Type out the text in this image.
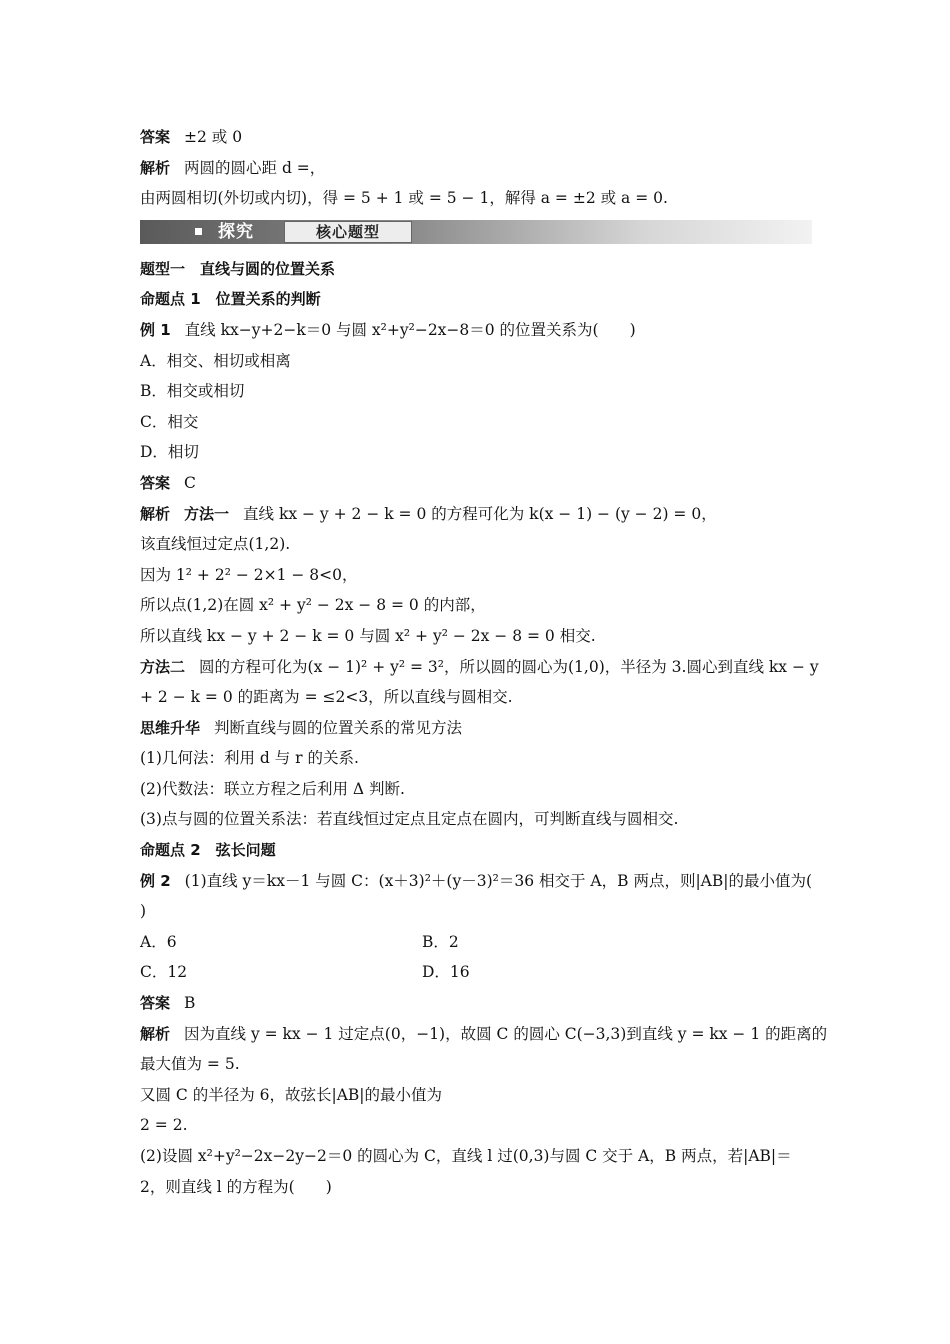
答案 ±2 或 0
解析 两圆的圆心距 d =，
由两圆相切(外切或内切)，得 = 5 + 1 或 = 5 − 1，解得 a = ±2 或 a = 0.
探究	核心题型
题型一　直线与圆的位置关系
命题点 1　位置关系的判断
例 1 直线 kx−y+2−k＝0 与圆 x²+y²−2x−8＝0 的位置关系为(　　)
A．相交、相切或相离
B．相交或相切
C．相交
D．相切
答案 C
解析 方法一 直线 kx − y + 2 − k = 0 的方程可化为 k(x − 1) − (y − 2) = 0，
该直线恒过定点(1,2).
因为 1² + 2² − 2×1 − 8<0，
所以点(1,2)在圆 x² + y² − 2x − 8 = 0 的内部，
所以直线 kx − y + 2 − k = 0 与圆 x² + y² − 2x − 8 = 0 相交.
方法二 圆的方程可化为(x − 1)² + y² = 3²，所以圆的圆心为(1,0)，半径为 3.圆心到直线 kx − y
+ 2 − k = 0 的距离为 = ≤2<3，所以直线与圆相交.
思维升华 判断直线与圆的位置关系的常见方法
(1)几何法：利用 d 与 r 的关系.
(2)代数法：联立方程之后利用 Δ 判断.
(3)点与圆的位置关系法：若直线恒过定点且定点在圆内，可判断直线与圆相交.
命题点 2　弦长问题
例 2 (1)直线 y＝kx－1 与圆 C：(x＋3)²＋(y－3)²＝36 相交于 A，B 两点，则|AB|的最小值为(
)
A．6	B．2
C．12	D．16
答案 B
解析 因为直线 y = kx − 1 过定点(0，−1)，故圆 C 的圆心 C(−3,3)到直线 y = kx − 1 的距离的
最大值为 = 5.
又圆 C 的半径为 6，故弦长|AB|的最小值为
2 = 2.
(2)设圆 x²+y²−2x−2y−2＝0 的圆心为 C，直线 l 过(0,3)与圆 C 交于 A，B 两点，若|AB|＝
2，则直线 l 的方程为(　　)
